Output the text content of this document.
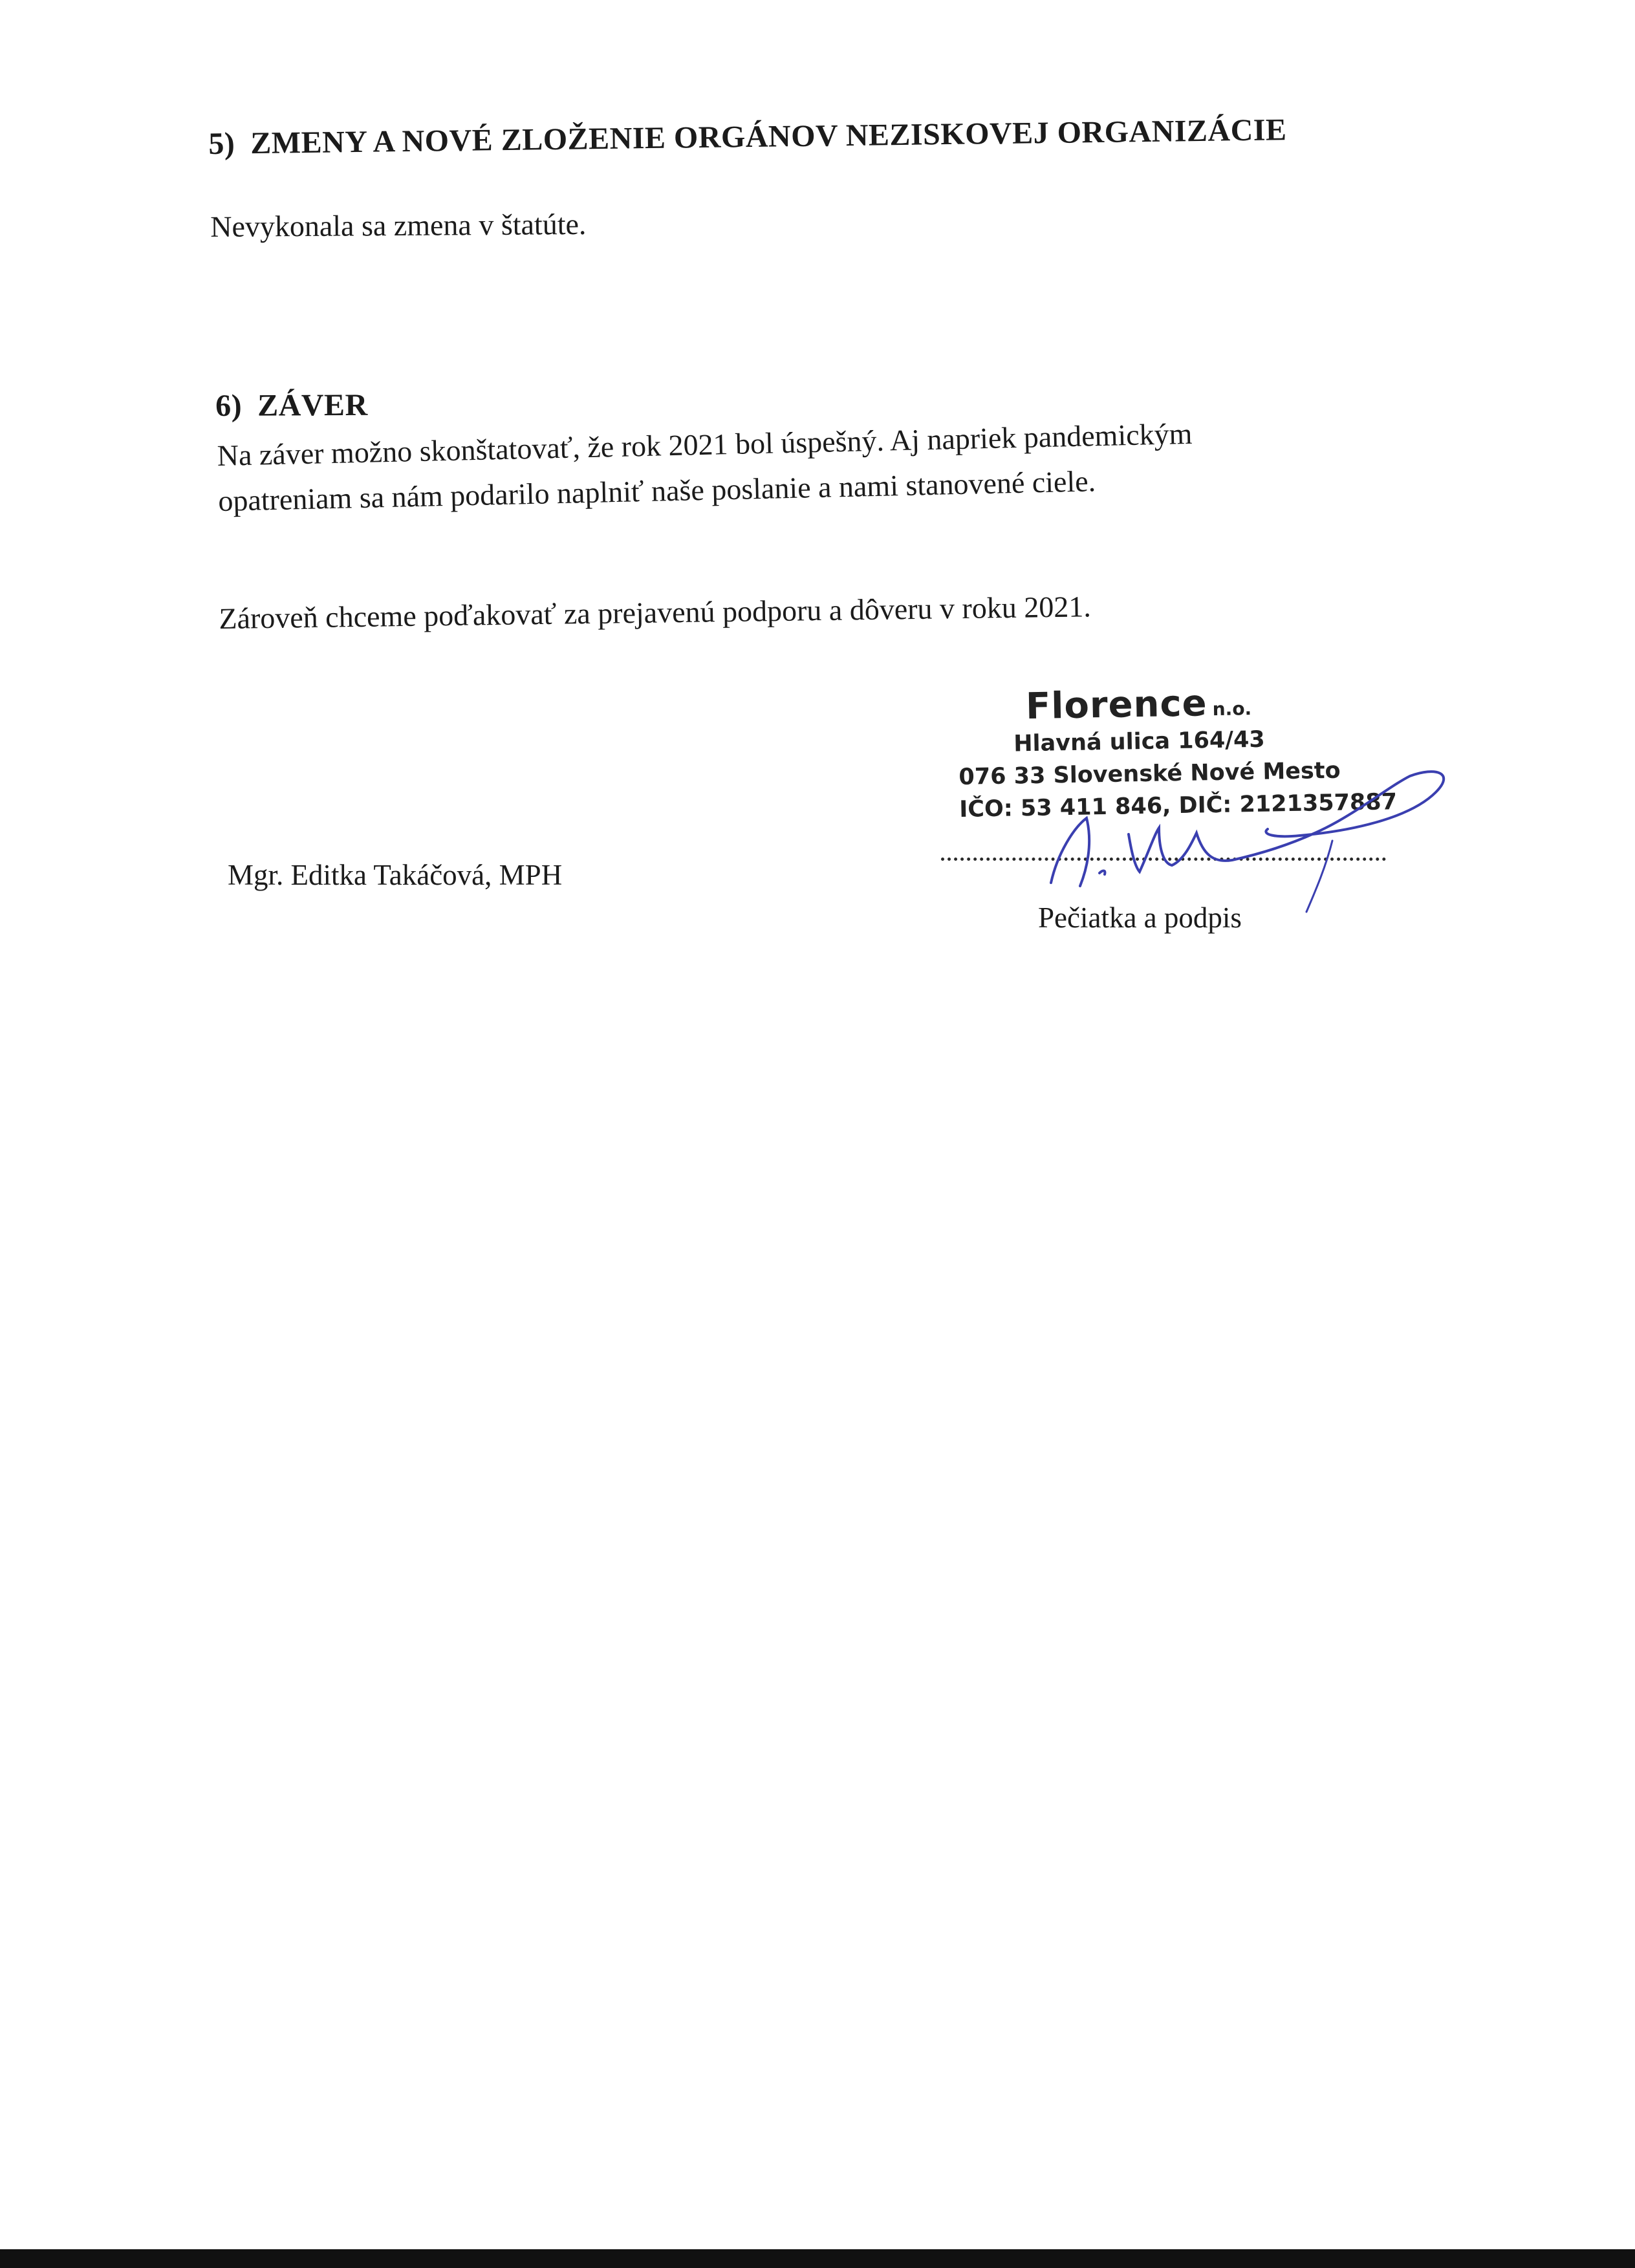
5) ZMENY A NOVÉ ZLOŽENIE ORGÁNOV NEZISKOVEJ ORGANIZÁCIE
Nevykonala sa zmena v štatúte.
6) ZÁVER
Na záver možno skonštatovať, že rok 2021 bol úspešný. Aj napriek pandemickým
opatreniam sa nám podarilo naplniť naše poslanie a nami stanovené ciele.
Zároveň chceme poďakovať za prejavenú podporu a dôveru v roku 2021.
Florence n.o.
Hlavná ulica 164/43
076 33 Slovenské Nové Mesto
IČO: 53 411 846, DIČ: 2121357887
Mgr. Editka Takáčová, MPH
Pečiatka a podpis
